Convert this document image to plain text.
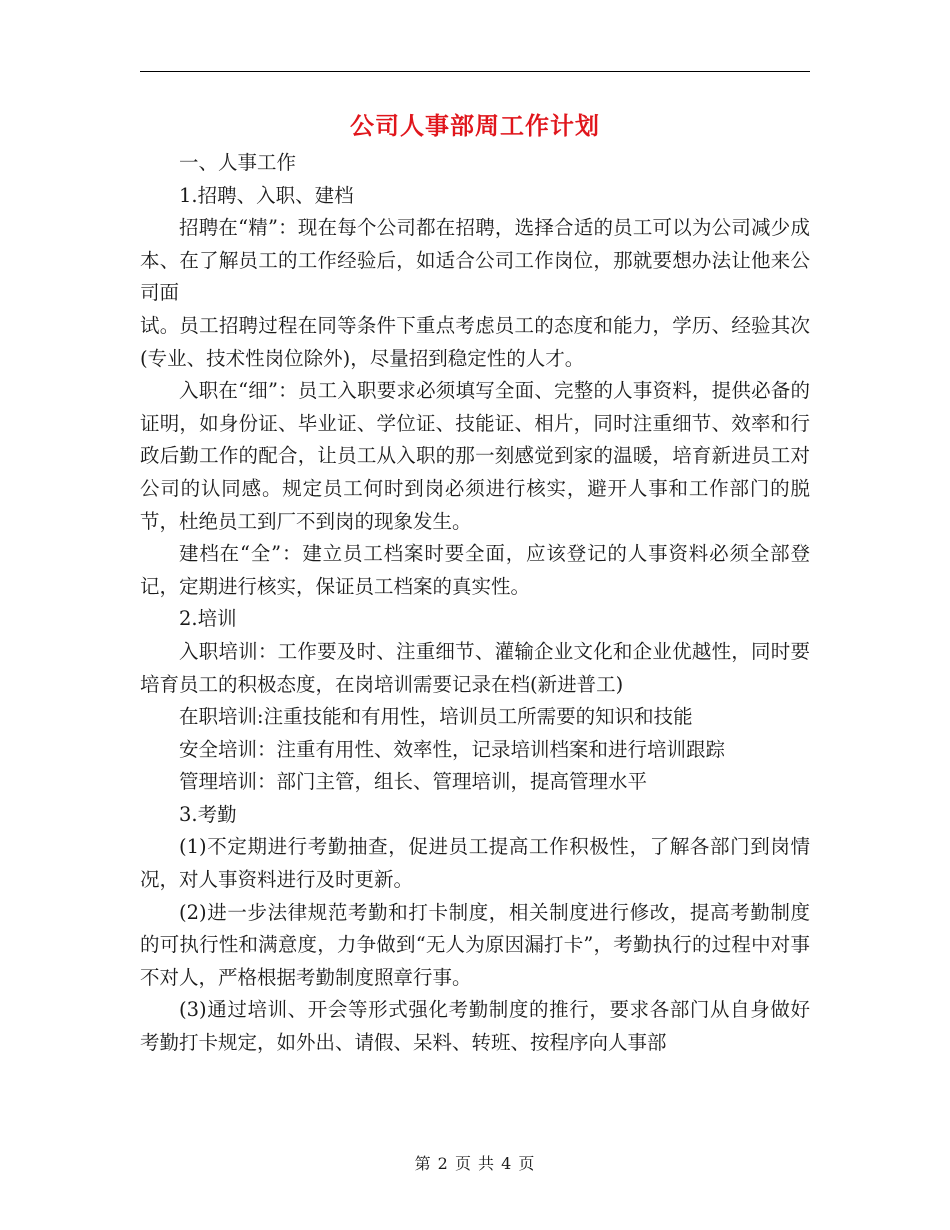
公司人事部周工作计划

一、人事工作

1.招聘、入职、建档

招聘在“精”：现在每个公司都在招聘，选择合适的员工可以为公司减少成本、在了解员工的工作经验后，如适合公司工作岗位，那就要想办法让他来公司面

试。员工招聘过程在同等条件下重点考虑员工的态度和能力，学历、经验其次(专业、技术性岗位除外)，尽量招到稳定性的人才。

入职在“细”：员工入职要求必须填写全面、完整的人事资料，提供必备的证明，如身份证、毕业证、学位证、技能证、相片，同时注重细节、效率和行政后勤工作的配合，让员工从入职的那一刻感觉到家的温暖，培育新进员工对公司的认同感。规定员工何时到岗必须进行核实，避开人事和工作部门的脱节，杜绝员工到厂不到岗的现象发生。

建档在“全”：建立员工档案时要全面，应该登记的人事资料必须全部登记，定期进行核实，保证员工档案的真实性。

2.培训

入职培训：工作要及时、注重细节、灌输企业文化和企业优越性，同时要培育员工的积极态度，在岗培训需要记录在档(新进普工)

在职培训:注重技能和有用性，培训员工所需要的知识和技能

安全培训：注重有用性、效率性，记录培训档案和进行培训跟踪

管理培训：部门主管，组长、管理培训，提高管理水平

3.考勤

(1)不定期进行考勤抽查，促进员工提高工作积极性，了解各部门到岗情况，对人事资料进行及时更新。

(2)进一步法律规范考勤和打卡制度，相关制度进行修改，提高考勤制度的可执行性和满意度，力争做到“无人为原因漏打卡”，考勤执行的过程中对事不对人，严格根据考勤制度照章行事。

(3)通过培训、开会等形式强化考勤制度的推行，要求各部门从自身做好考勤打卡规定，如外出、请假、呆料、转班、按程序向人事部

第 2 页 共 4 页
